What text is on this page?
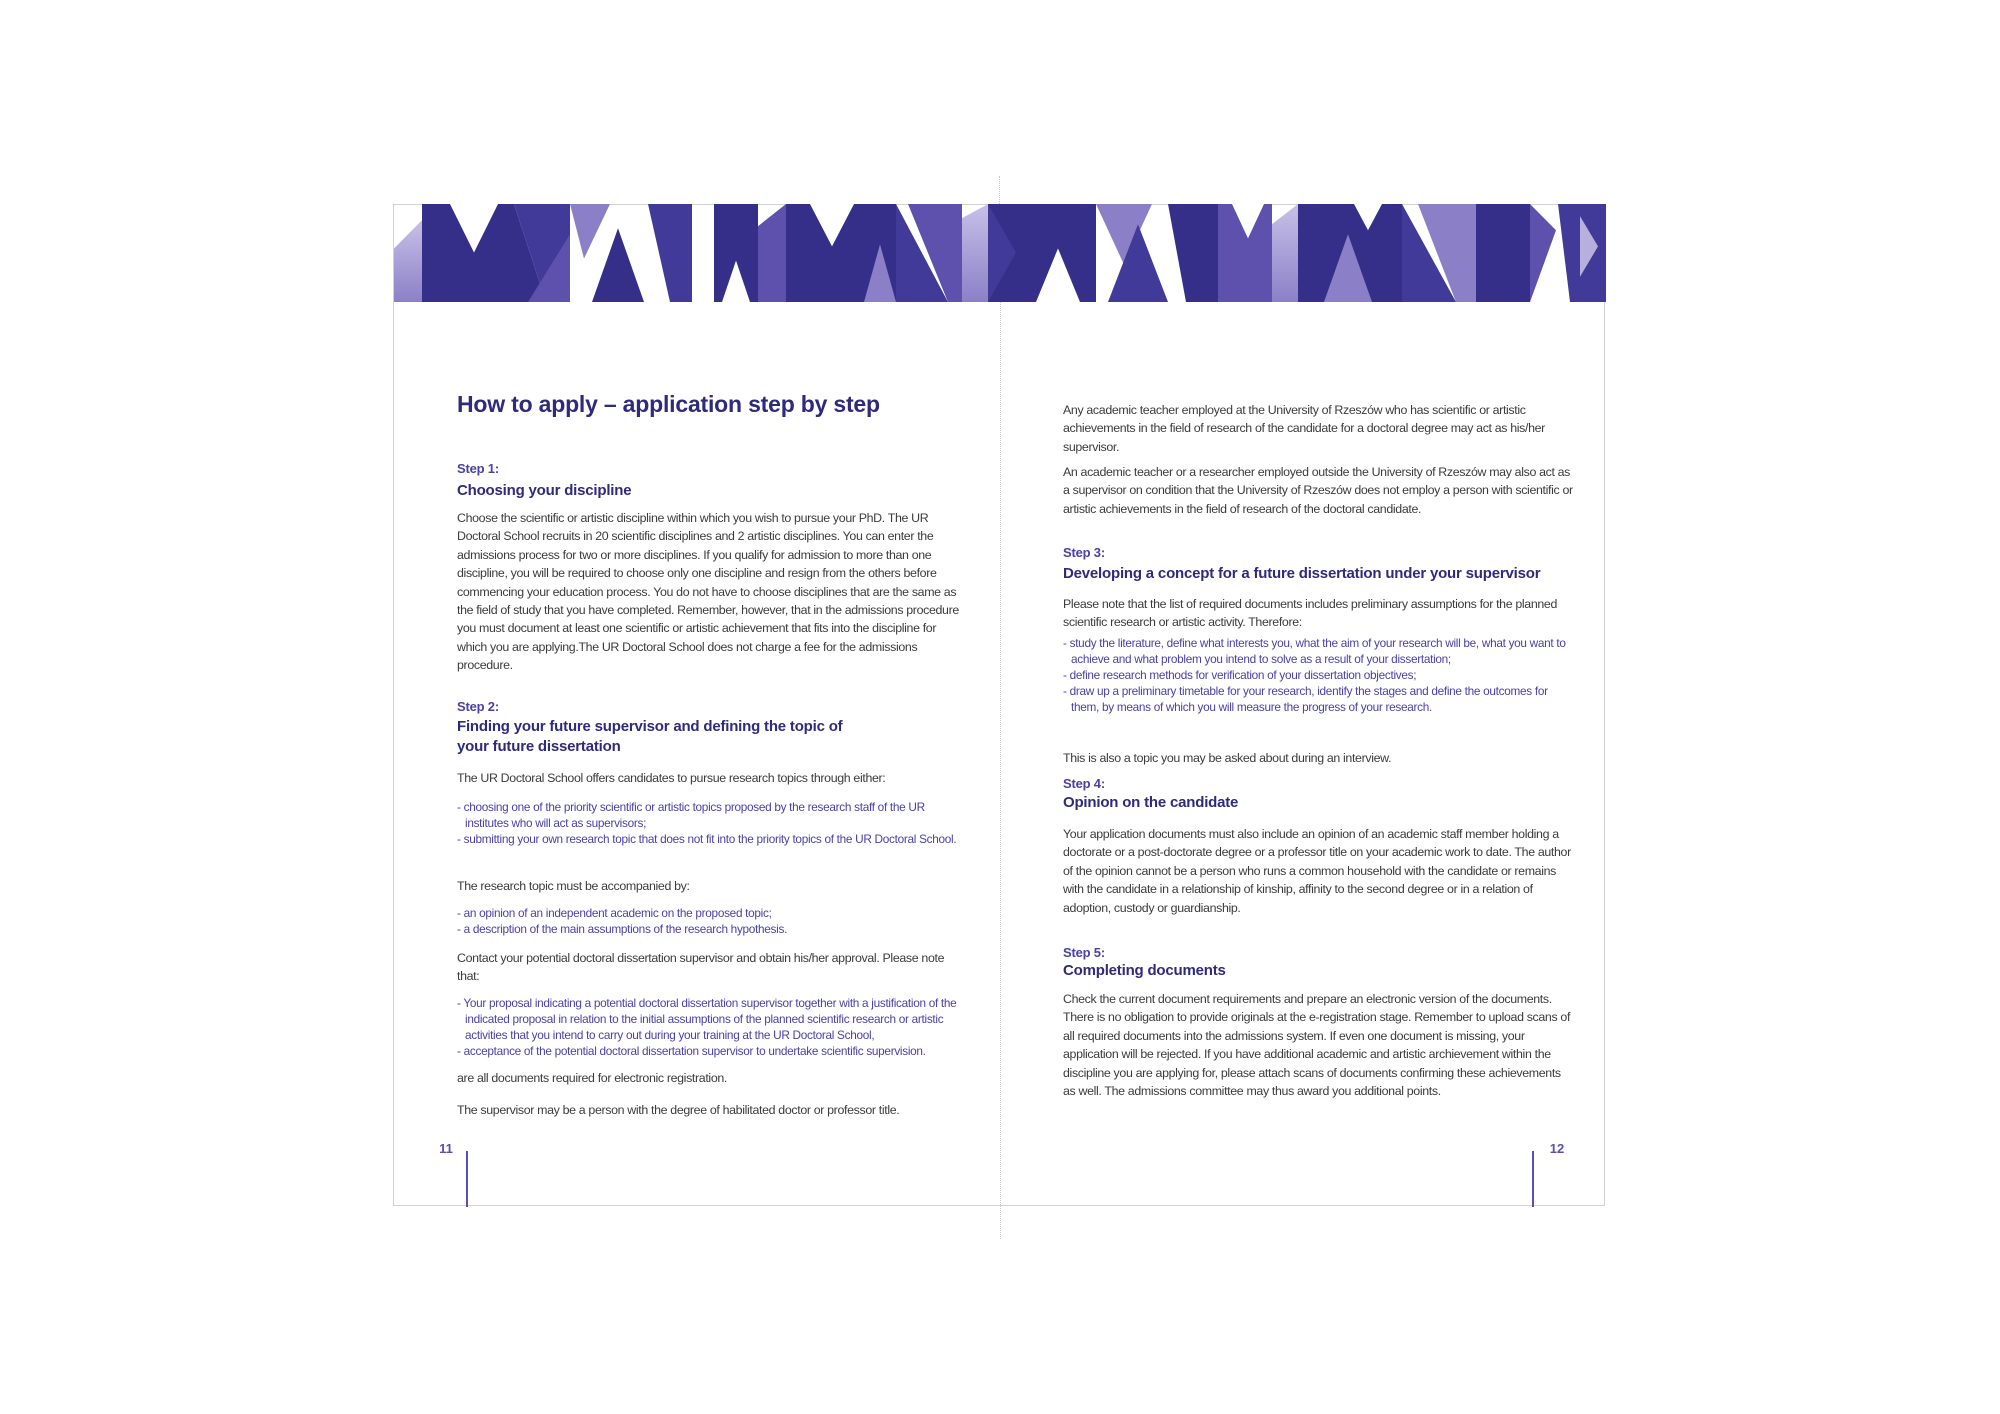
How to apply – application step by step
Step 1:
Choosing your discipline
Choose the scientific or artistic discipline within which you wish to pursue your PhD. The UR Doctoral School recruits in 20 scientific disciplines and 2 artistic disciplines. You can enter the admissions process for two or more disciplines. If you qualify for admission to more than one discipline, you will be required to choose only one discipline and resign from the others before commencing your education process. You do not have to choose disciplines that are the same as the field of study that you have completed. Remember, however, that in the admissions procedure you must document at least one scientific or artistic achievement that fits into the discipline for which you are applying.The UR Doctoral School does not charge a fee for the admissions procedure.
Step 2:
Finding your future supervisor and defining the topic of your future dissertation
The UR Doctoral School offers candidates to pursue research topics through either:
- choosing one of the priority scientific or artistic topics proposed by the research staff of the UR institutes who will act as supervisors;
- submitting your own research topic that does not fit into the priority topics of the UR Doctoral School.
The research topic must be accompanied by:
- an opinion of an independent academic on the proposed topic;
- a description of the main assumptions of the research hypothesis.
Contact your potential doctoral dissertation supervisor and obtain his/her approval. Please note that:
- Your proposal indicating a potential doctoral dissertation supervisor together with a justification of the indicated proposal in relation to the initial assumptions of the planned scientific research or artistic activities that you intend to carry out during your training at the UR Doctoral School,
- acceptance of the potential doctoral dissertation supervisor to undertake scientific supervision.
are all documents required for electronic registration.
The supervisor may be a person with the degree of habilitated doctor or professor title.
Any academic teacher employed at the University of Rzeszów who has scientific or artistic achievements in the field of research of the candidate for a doctoral degree may act as his/her supervisor.
An academic teacher or a researcher employed outside the University of Rzeszów may also act as a supervisor on condition that the University of Rzeszów does not employ a person with scientific or artistic achievements in the field of research of the doctoral candidate.
Step 3:
Developing a concept for a future dissertation under your supervisor
Please note that the list of required documents includes preliminary assumptions for the planned scientific research or artistic activity. Therefore:
- study the literature, define what interests you, what the aim of your research will be, what you want to achieve and what problem you intend to solve as a result of your dissertation;
- define research methods for verification of your dissertation objectives;
- draw up a preliminary timetable for your research, identify the stages and define the outcomes for them, by means of which you will measure the progress of your research.
This is also a topic you may be asked about during an interview.
Step 4:
Opinion on the candidate
Your application documents must also include an opinion of an academic staff member holding a doctorate or a post-doctorate degree or a professor title on your academic work to date. The author of the opinion cannot be a person who runs a common household with the candidate or remains with the candidate in a relationship of kinship, affinity to the second degree or in a relation of adoption, custody or guardianship.
Step 5:
Completing documents
Check the current document requirements and prepare an electronic version of the documents. There is no obligation to provide originals at the e-registration stage. Remember to upload scans of all required documents into the admissions system. If even one document is missing, your application will be rejected. If you have additional academic and artistic archievement within the discipline you are applying for, please attach scans of documents confirming these achievements as well. The admissions committee may thus award you additional points.
11	12
